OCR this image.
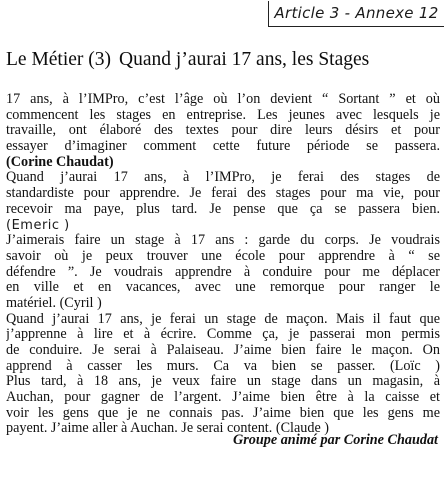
Article 3 - Annexe 12
Le Métier (3) Quand j’aurai 17 ans, les Stages
17 ans, à l’IMPro, c’est l’âge où l’on devient “ Sortant ” et où
commencent les stages en entreprise. Les jeunes avec lesquels je
travaille, ont élaboré des textes pour dire leurs désirs et pour
essayer d’imaginer comment cette future période se passera.
(Corine Chaudat)
Quand j’aurai 17 ans, à l’IMPro, je ferai des stages de
standardiste pour apprendre. Je ferai des stages pour ma vie, pour
recevoir ma paye, plus tard. Je pense que ça se passera bien.
(Emeric )
J’aimerais faire un stage à 17 ans : garde du corps. Je voudrais
savoir où je peux trouver une école pour apprendre à “ se
défendre ”. Je voudrais apprendre à conduire pour me déplacer
en ville et en vacances, avec une remorque pour ranger le
matériel. (Cyril )
Quand j’aurai 17 ans, je ferai un stage de maçon. Mais il faut que
j’apprenne à lire et à écrire. Comme ça, je passerai mon permis
de conduire. Je serai à Palaiseau. J’aime bien faire le maçon. On
apprend à casser les murs. Ca va bien se passer. (Loïc )
Plus tard, à 18 ans, je veux faire un stage dans un magasin, à
Auchan, pour gagner de l’argent. J’aime bien être à la caisse et
voir les gens que je ne connais pas. J’aime bien que les gens me
payent. J’aime aller à Auchan. Je serai content. (Claude )
Groupe animé par Corine Chaudat
